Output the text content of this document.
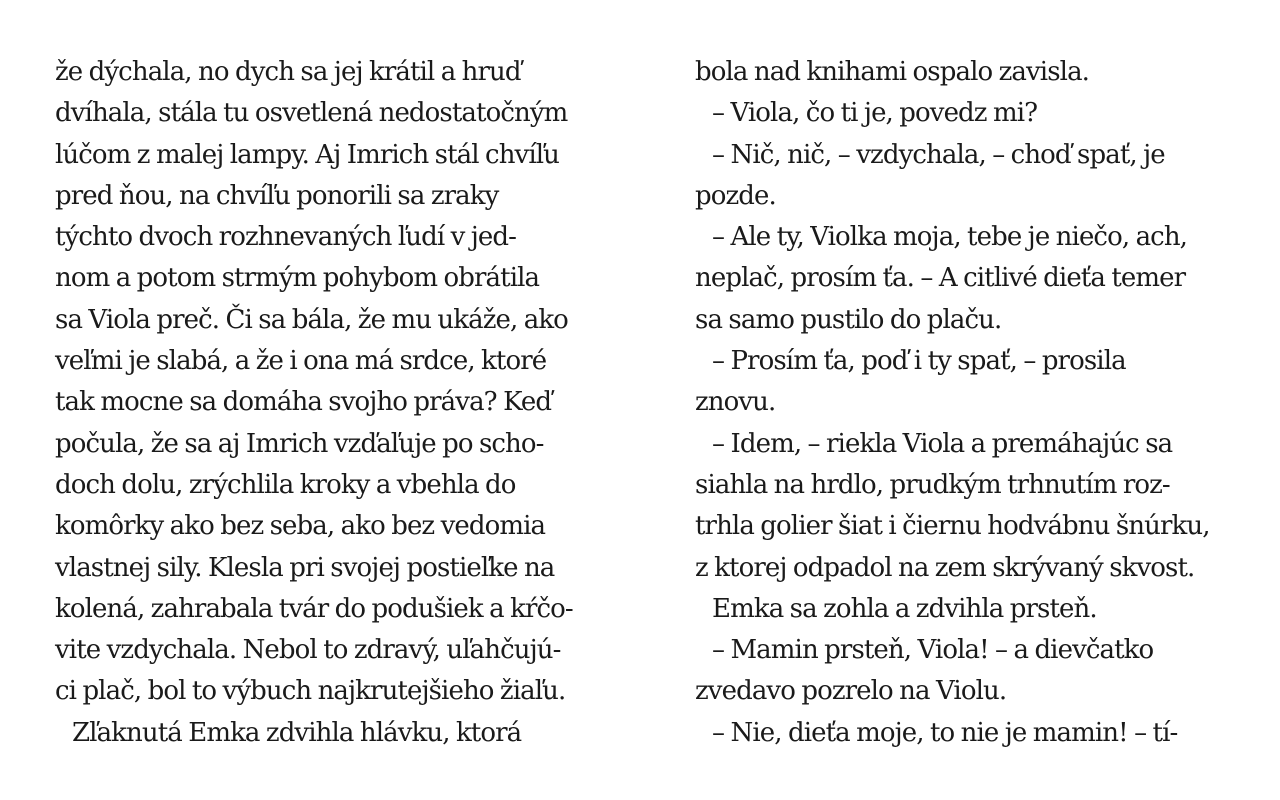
že dýchala, no dych sa jej krátil a hruď
dvíhala, stála tu osvetlená nedostatočným
lúčom z malej lampy. Aj Imrich stál chvíľu
pred ňou, na chvíľu ponorili sa zraky
týchto dvoch rozhnevaných ľudí v jed-
nom a potom strmým pohybom obrátila
sa Viola preč. Či sa bála, že mu ukáže, ako
veľmi je slabá, a že i ona má srdce, ktoré
tak mocne sa domáha svojho práva? Keď
počula, že sa aj Imrich vzďaľuje po scho-
doch dolu, zrýchlila kroky a vbehla do
komôrky ako bez seba, ako bez vedomia
vlastnej sily. Klesla pri svojej postieľke na
kolená, zahrabala tvár do podušiek a kŕčo-
vite vzdychala. Nebol to zdravý, uľahčujú-
ci plač, bol to výbuch najkrutejšieho žiaľu.
Zľaknutá Emka zdvihla hlávku, ktorá
bola nad knihami ospalo zavisla.
– Viola, čo ti je, povedz mi?
– Nič, nič, – vzdychala, – choď spať, je
pozde.
– Ale ty, Violka moja, tebe je niečo, ach,
neplač, prosím ťa. – A citlivé dieťa temer
sa samo pustilo do plaču.
– Prosím ťa, poď i ty spať, – prosila
znovu.
– Idem, – riekla Viola a premáhajúc sa
siahla na hrdlo, prudkým trhnutím roz-
trhla golier šiat i čiernu hodvábnu šnúrku,
z ktorej odpadol na zem skrývaný skvost.
Emka sa zohla a zdvihla prsteň.
– Mamin prsteň, Viola! – a dievčatko
zvedavo pozrelo na Violu.
– Nie, dieťa moje, to nie je mamin! – tí-
